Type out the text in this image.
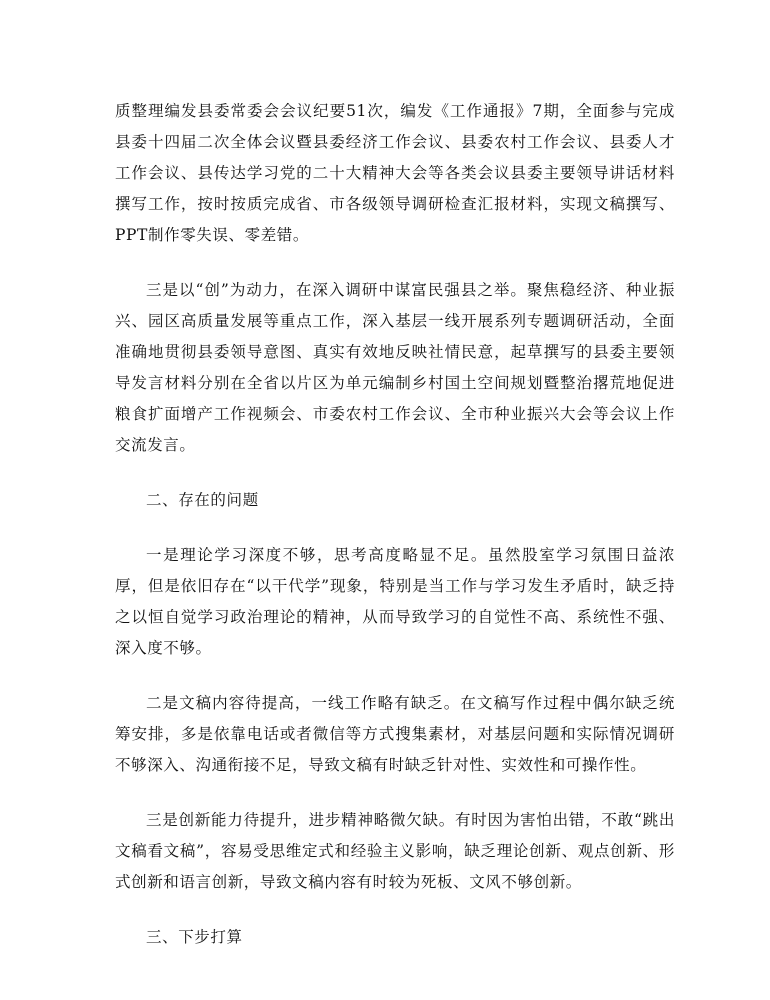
质整理编发县委常委会会议纪要51次，编发《工作通报》7期，全面参与完成县委十四届二次全体会议暨县委经济工作会议、县委农村工作会议、县委人才工作会议、县传达学习党的二十大精神大会等各类会议县委主要领导讲话材料撰写工作，按时按质完成省、市各级领导调研检查汇报材料，实现文稿撰写、PPT制作零失误、零差错。

三是以“创”为动力，在深入调研中谋富民强县之举。聚焦稳经济、种业振兴、园区高质量发展等重点工作，深入基层一线开展系列专题调研活动，全面准确地贯彻县委领导意图、真实有效地反映社情民意，起草撰写的县委主要领导发言材料分别在全省以片区为单元编制乡村国土空间规划暨整治撂荒地促进粮食扩面增产工作视频会、市委农村工作会议、全市种业振兴大会等会议上作交流发言。

二、存在的问题

一是理论学习深度不够，思考高度略显不足。虽然股室学习氛围日益浓厚，但是依旧存在“以干代学”现象，特别是当工作与学习发生矛盾时，缺乏持之以恒自觉学习政治理论的精神，从而导致学习的自觉性不高、系统性不强、深入度不够。

二是文稿内容待提高，一线工作略有缺乏。在文稿写作过程中偶尔缺乏统筹安排，多是依靠电话或者微信等方式搜集素材，对基层问题和实际情况调研不够深入、沟通衔接不足，导致文稿有时缺乏针对性、实效性和可操作性。

三是创新能力待提升，进步精神略微欠缺。有时因为害怕出错，不敢“跳出文稿看文稿”，容易受思维定式和经验主义影响，缺乏理论创新、观点创新、形式创新和语言创新，导致文稿内容有时较为死板、文风不够创新。

三、下步打算
